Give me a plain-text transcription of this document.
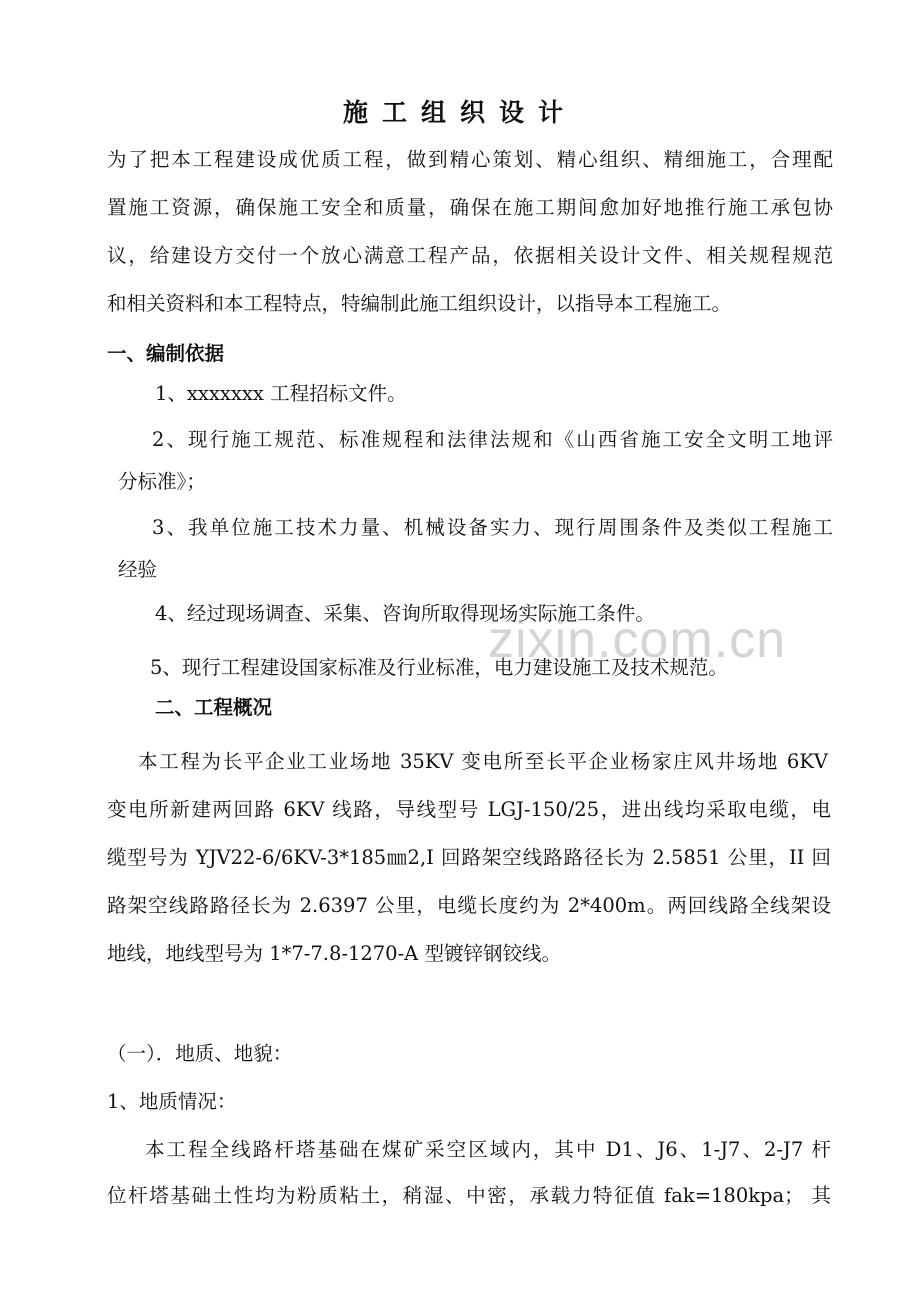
zixin.com.cn
施工组织设计
为了把本工程建设成优质工程，做到精心策划、精心组织、精细施工，合理配
置施工资源，确保施工安全和质量，确保在施工期间愈加好地推行施工承包协
议，给建设方交付一个放心满意工程产品，依据相关设计文件、相关规程规范
和相关资料和本工程特点，特编制此施工组织设计，以指导本工程施工。
一、编制依据
1、xxxxxxx 工程招标文件。
2、现行施工规范、标准规程和法律法规和《山西省施工安全文明工地评
分标准》；
3、我单位施工技术力量、机械设备实力、现行周围条件及类似工程施工
经验
4、经过现场调查、采集、咨询所取得现场实际施工条件。
5、现行工程建设国家标准及行业标准，电力建设施工及技术规范。
二、工程概况
本工程为长平企业工业场地 35KV 变电所至长平企业杨家庄风井场地 6KV
变电所新建两回路 6KV 线路，导线型号 LGJ-150/25，进出线均采取电缆，电
缆型号为 YJV22-6/6KV-3*185㎜2,I 回路架空线路路径长为 2.5851 公里，II 回
路架空线路路径长为 2.6397 公里，电缆长度约为 2*400m。两回线路全线架设
地线，地线型号为 1*7-7.8-1270-A 型镀锌钢铰线。
（一）．地质、地貌：
1、地质情况：
本工程全线路杆塔基础在煤矿采空区域内，其中 D1、J6、1-J7、2-J7 杆
位杆塔基础土性均为粉质粘土，稍湿、中密，承载力特征值 fak=180kpa； 其
